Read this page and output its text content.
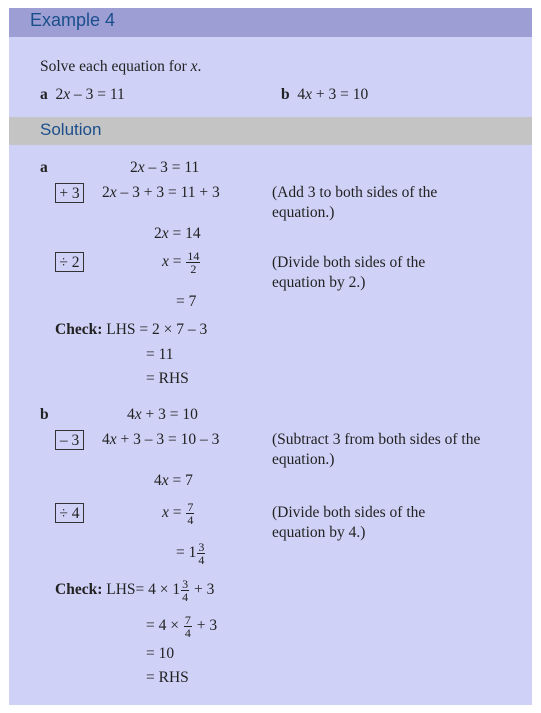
Example 4
Solve each equation for x.
a 2x – 3 = 11	b 4x + 3 = 10
Solution
a	2x – 3 = 11
+ 3 2x – 3 + 3 = 11 + 3	(Add 3 to both sides of the equation.)
2x = 14
÷ 2	$x = \frac{14}{2}$	(Divide both sides of the equation by 2.)
= 7
Check: LHS = 2 × 7 – 3
= 11
= RHS
b	4x + 3 = 10
– 3	4x + 3 – 3 = 10 – 3	(Subtract 3 from both sides of the equation.)
4x = 7
÷ 4	$x = \frac{7}{4}$	(Divide both sides of the equation by 4.)
= $1 \frac{3}{4}$
Check: $LHS= 4 \times 1 \frac{3}{4} + 3$
= $4 \times \frac{7}{4} + 3$
= 10
= RHS
